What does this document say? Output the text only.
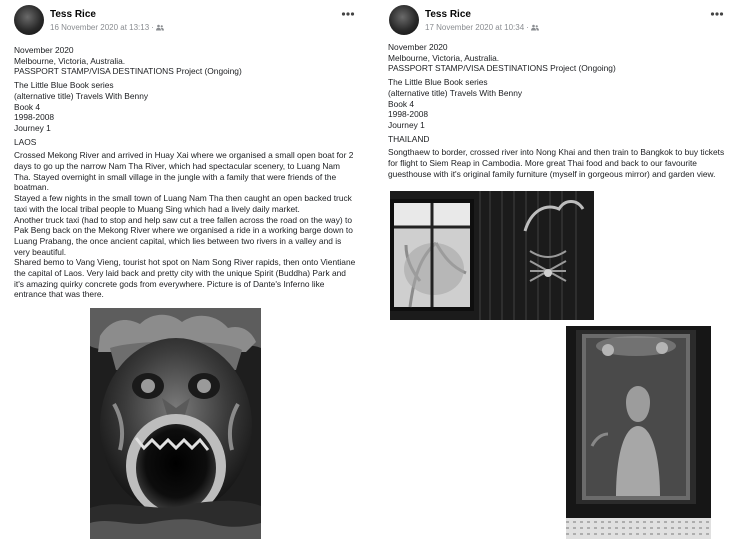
Tess Rice
16 November 2020 at 13:13 ·

November 2020
Melbourne, Victoria, Australia.
PASSPORT STAMP/VISA DESTINATIONS Project (Ongoing)

The Little Blue Book series
(alternative title) Travels With Benny
Book 4
1998-2008
Journey 1

LAOS

Crossed Mekong River and arrived in Huay Xai where we organised a small open boat for 2 days to go up the narrow Nam Tha River, which had spectacular scenery, to Luang Nam Tha. Stayed overnight in small village in the jungle with a family that were friends of the boatman.
Stayed a few nights in the small town of Luang Nam Tha then caught an open backed truck taxi with the local tribal people to Muang Sing which had a lively daily market.
Another truck taxi (had to stop and help saw cut a tree fallen across the road on the way) to Pak Beng back on the Mekong River where we organised a ride in a working barge down to Luang Prabang, the once ancient capital, which lies between two rivers in a valley and is very beautiful.
Shared bemo to Vang Vieng, tourist hot spot on Nam Song River rapids, then onto Vientiane the capital of Laos. Very laid back and pretty city with the unique Spirit (Buddha) Park and it's amazing quirky concrete gods from everywhere. Picture is of Dante's Inferno like entrance that was there.

Tess Rice
17 November 2020 at 10:34 ·

November 2020
Melbourne, Victoria, Australia.
PASSPORT STAMP/VISA DESTINATIONS Project (Ongoing)

The Little Blue Book series
(alternative title) Travels With Benny
Book 4
1998-2008
Journey 1

THAILAND

Songthaew to border, crossed river into Nong Khai and then train to Bangkok to buy tickets for flight to Siem Reap in Cambodia. More great Thai food and back to our favourite guesthouse with it's original family furniture (myself in gorgeous mirror) and garden view.
